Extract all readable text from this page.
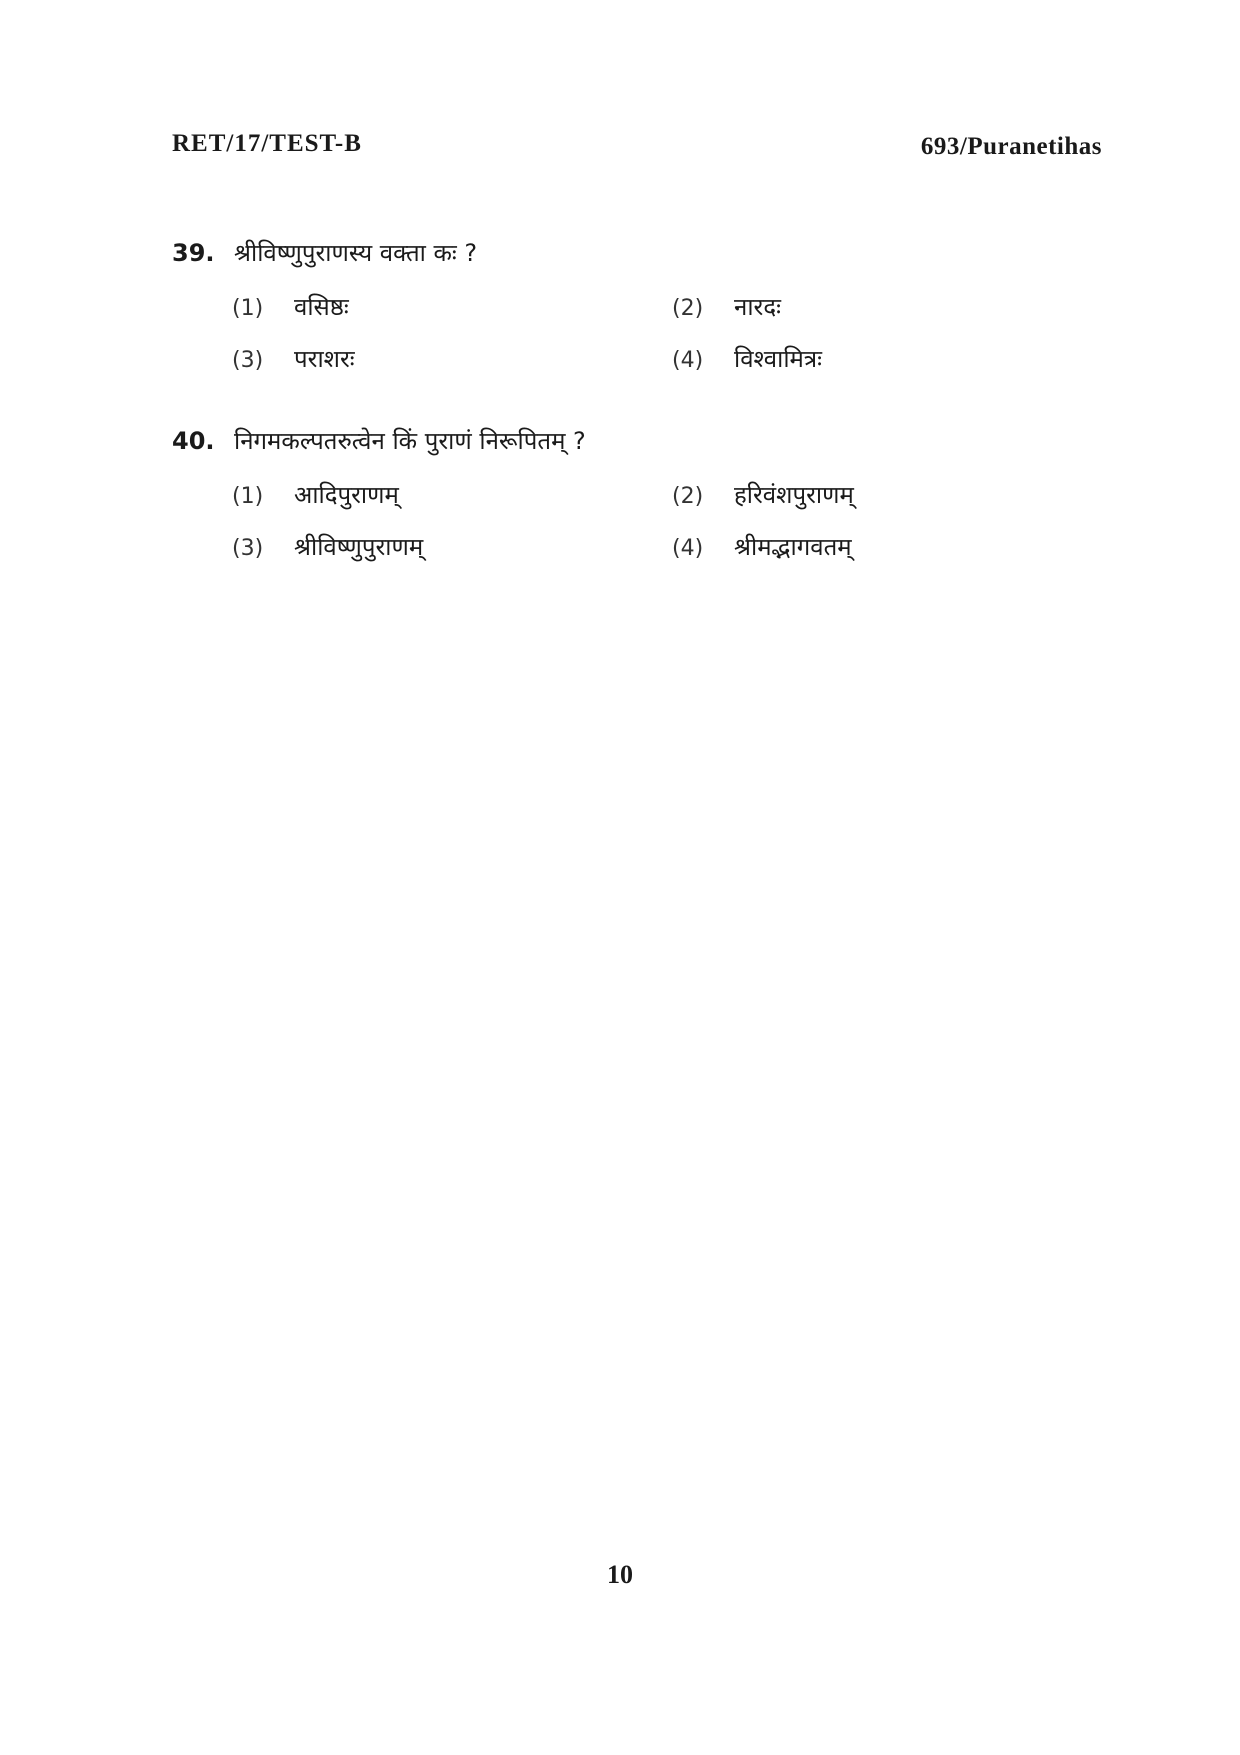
RET/17/TEST-B	693/Puranetihas
39. श्रीविष्णुपुराणस्य वक्ता कः ?
(1)	वसिष्ठः	(2)	नारदः
(3)	पराशरः	(4)	विश्वामित्रः
40. निगमकल्पतरुत्वेन किं पुराणं निरूपितम् ?
(1)	आदिपुराणम्	(2)	हरिवंशपुराणम्
(3)	श्रीविष्णुपुराणम्	(4)	श्रीमद्भागवतम्
10
